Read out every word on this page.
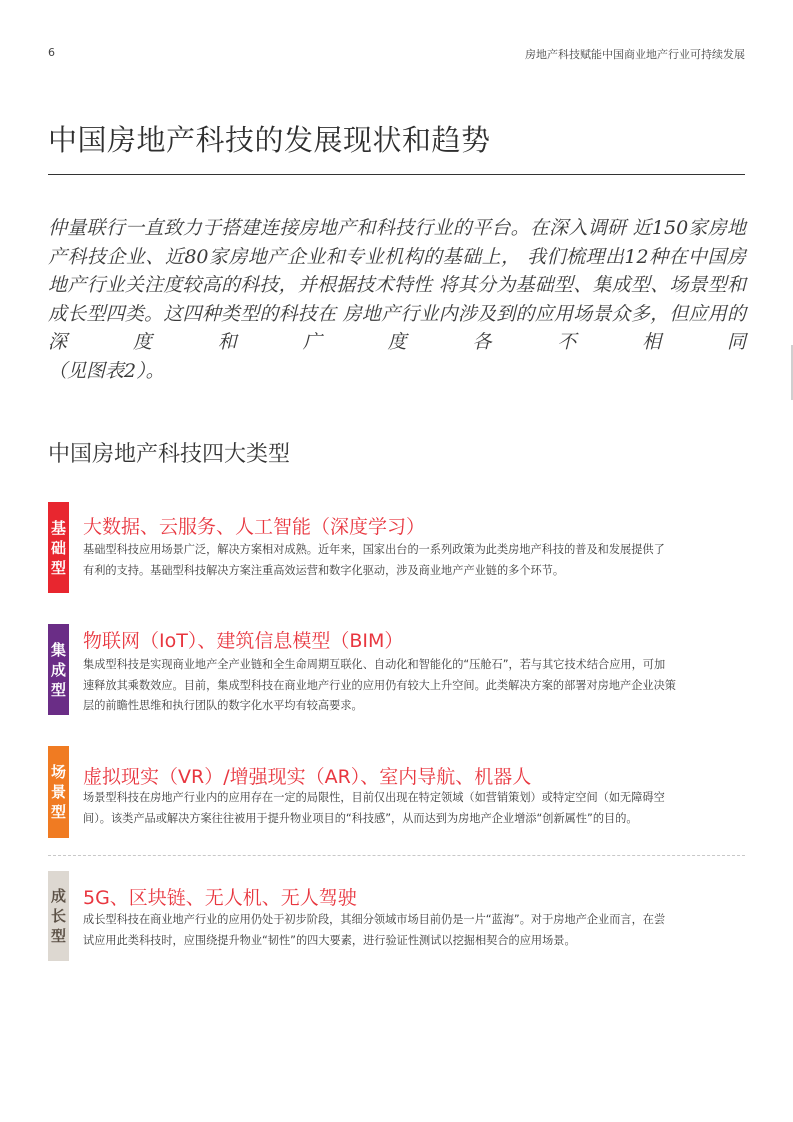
6	房地产科技赋能中国商业地产行业可持续发展
中国房地产科技的发展现状和趋势

仲量联行一直致力于搭建连接房地产和科技行业的平台。在深入调研 近150家房地产科技企业、近80家房地产企业和专业机构的基础上， 我们梳理出12种在中国房地产行业关注度较高的科技，并根据技术特性 将其分为基础型、集成型、场景型和成长型四类。这四种类型的科技在 房地产行业内涉及到的应用场景众多，但应用的深度和广度各不相同
（见图表2）。

中国房地产科技四大类型
基
础
型
大数据、云服务、人工智能（深度学习）

基础型科技应用场景广泛，解决方案相对成熟。近年来，国家出台的一系列政策为此类房地产科技的普及和发展提供了
有利的支持。基础型科技解决方案注重高效运营和数字化驱动，涉及商业地产产业链的多个环节。

集
成
型
物联网（IoT）、建筑信息模型（BIM）

集成型科技是实现商业地产全产业链和全生命周期互联化、自动化和智能化的“压舱石”，若与其它技术结合应用，可加
速释放其乘数效应。目前，集成型科技在商业地产行业的应用仍有较大上升空间。此类解决方案的部署对房地产企业决策
层的前瞻性思维和执行团队的数字化水平均有较高要求。

场
景
型
虚拟现实（VR）/增强现实（AR）、室内导航、机器人

场景型科技在房地产行业内的应用存在一定的局限性，目前仅出现在特定领域（如营销策划）或特定空间（如无障碍空
间）。该类产品或解决方案往往被用于提升物业项目的“科技感”，从而达到为房地产企业增添“创新属性”的目的。

成
长
型
5G、区块链、无人机、无人驾驶

成长型科技在商业地产行业的应用仍处于初步阶段，其细分领域市场目前仍是一片“蓝海”。对于房地产企业而言，在尝
试应用此类科技时，应围绕提升物业“韧性”的四大要素，进行验证性测试以挖掘相契合的应用场景。
